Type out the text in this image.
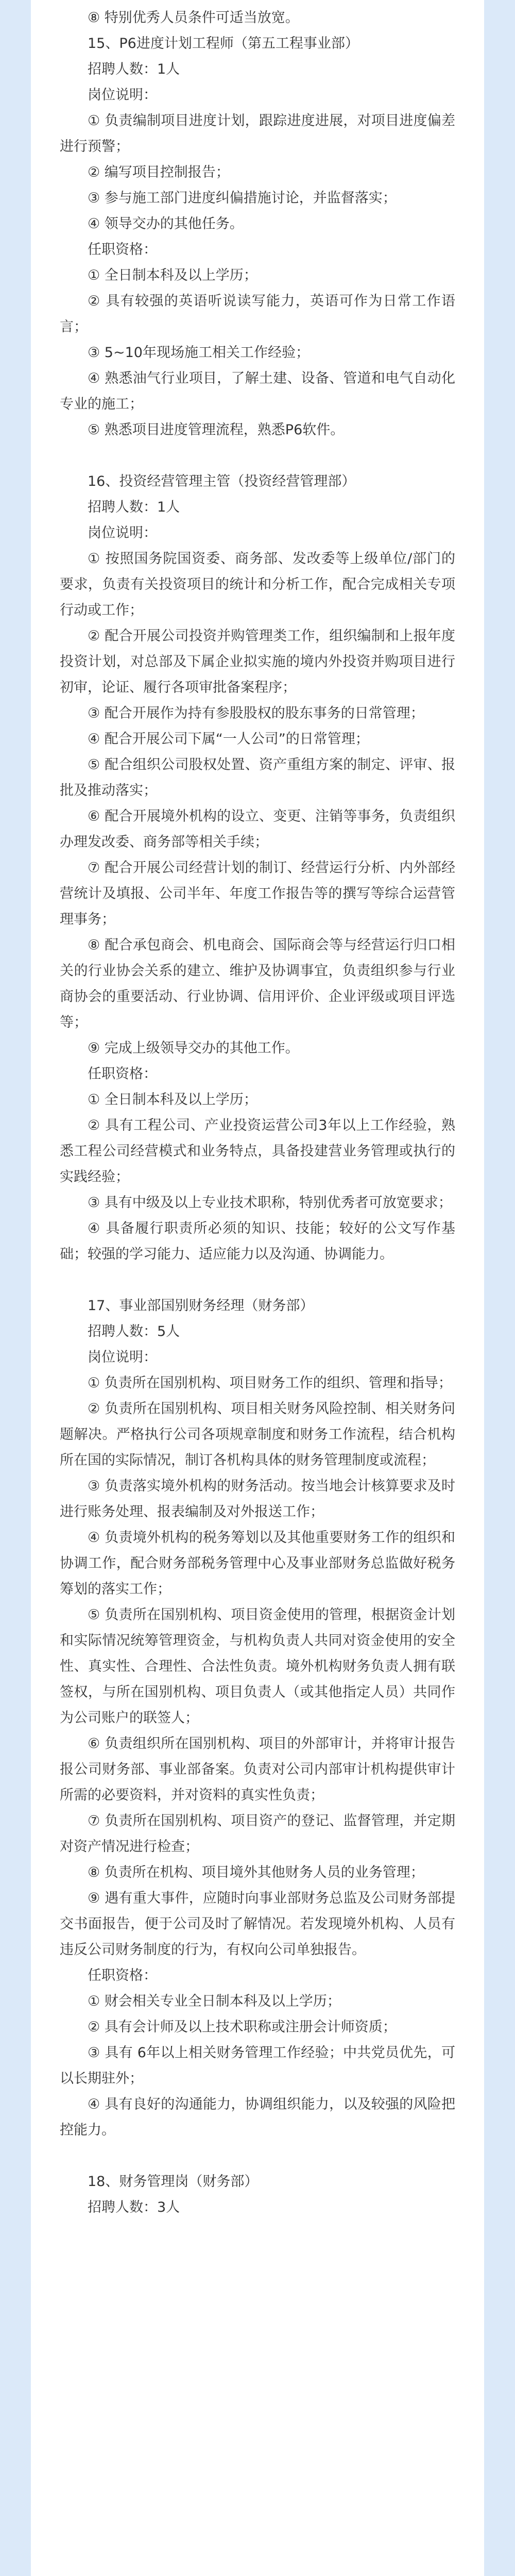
⑧ 特别优秀人员条件可适当放宽。

15、P6进度计划工程师（第五工程事业部）

招聘人数：1人

岗位说明：

① 负责编制项目进度计划，跟踪进度进展，对项目进度偏差进行预警；

② 编写项目控制报告；

③ 参与施工部门进度纠偏措施讨论，并监督落实；

④ 领导交办的其他任务。

任职资格：

① 全日制本科及以上学历；

② 具有较强的英语听说读写能力，英语可作为日常工作语言；

③ 5~10年现场施工相关工作经验；

④ 熟悉油气行业项目，了解土建、设备、管道和电气自动化专业的施工；

⑤ 熟悉项目进度管理流程，熟悉P6软件。

16、投资经营管理主管（投资经营管理部）

招聘人数：1人

岗位说明：

① 按照国务院国资委、商务部、发改委等上级单位/部门的要求，负责有关投资项目的统计和分析工作，配合完成相关专项行动或工作；

② 配合开展公司投资并购管理类工作，组织编制和上报年度投资计划，对总部及下属企业拟实施的境内外投资并购项目进行初审，论证、履行各项审批备案程序；

③ 配合开展作为持有参股股权的股东事务的日常管理；

④ 配合开展公司下属“一人公司”的日常管理；

⑤ 配合组织公司股权处置、资产重组方案的制定、评审、报批及推动落实；

⑥ 配合开展境外机构的设立、变更、注销等事务，负责组织办理发改委、商务部等相关手续；

⑦ 配合开展公司经营计划的制订、经营运行分析、内外部经营统计及填报、公司半年、年度工作报告等的撰写等综合运营管理事务；

⑧ 配合承包商会、机电商会、国际商会等与经营运行归口相关的行业协会关系的建立、维护及协调事宜，负责组织参与行业商协会的重要活动、行业协调、信用评价、企业评级或项目评选等；

⑨ 完成上级领导交办的其他工作。

任职资格：

① 全日制本科及以上学历；

② 具有工程公司、产业投资运营公司3年以上工作经验，熟悉工程公司经营模式和业务特点，具备投建营业务管理或执行的实践经验；

③ 具有中级及以上专业技术职称，特别优秀者可放宽要求；

④ 具备履行职责所必须的知识、技能；较好的公文写作基础；较强的学习能力、适应能力以及沟通、协调能力。

17、事业部国别财务经理（财务部）

招聘人数：5人

岗位说明：

① 负责所在国别机构、项目财务工作的组织、管理和指导；

② 负责所在国别机构、项目相关财务风险控制、相关财务问题解决。严格执行公司各项规章制度和财务工作流程，结合机构所在国的实际情况，制订各机构具体的财务管理制度或流程；

③ 负责落实境外机构的财务活动。按当地会计核算要求及时进行账务处理、报表编制及对外报送工作；

④ 负责境外机构的税务筹划以及其他重要财务工作的组织和协调工作，配合财务部税务管理中心及事业部财务总监做好税务筹划的落实工作；

⑤ 负责所在国别机构、项目资金使用的管理，根据资金计划和实际情况统筹管理资金，与机构负责人共同对资金使用的安全性、真实性、合理性、合法性负责。境外机构财务负责人拥有联签权，与所在国别机构、项目负责人（或其他指定人员）共同作为公司账户的联签人；

⑥ 负责组织所在国别机构、项目的外部审计，并将审计报告报公司财务部、事业部备案。负责对公司内部审计机构提供审计所需的必要资料，并对资料的真实性负责；

⑦ 负责所在国别机构、项目资产的登记、监督管理，并定期对资产情况进行检查；

⑧ 负责所在机构、项目境外其他财务人员的业务管理；

⑨ 遇有重大事件，应随时向事业部财务总监及公司财务部提交书面报告，便于公司及时了解情况。若发现境外机构、人员有违反公司财务制度的行为，有权向公司单独报告。

任职资格：

① 财会相关专业全日制本科及以上学历；

② 具有会计师及以上技术职称或注册会计师资质；

③ 具有 6年以上相关财务管理工作经验；中共党员优先，可以长期驻外；

④ 具有良好的沟通能力，协调组织能力，以及较强的风险把控能力。

18、财务管理岗（财务部）

招聘人数：3人
